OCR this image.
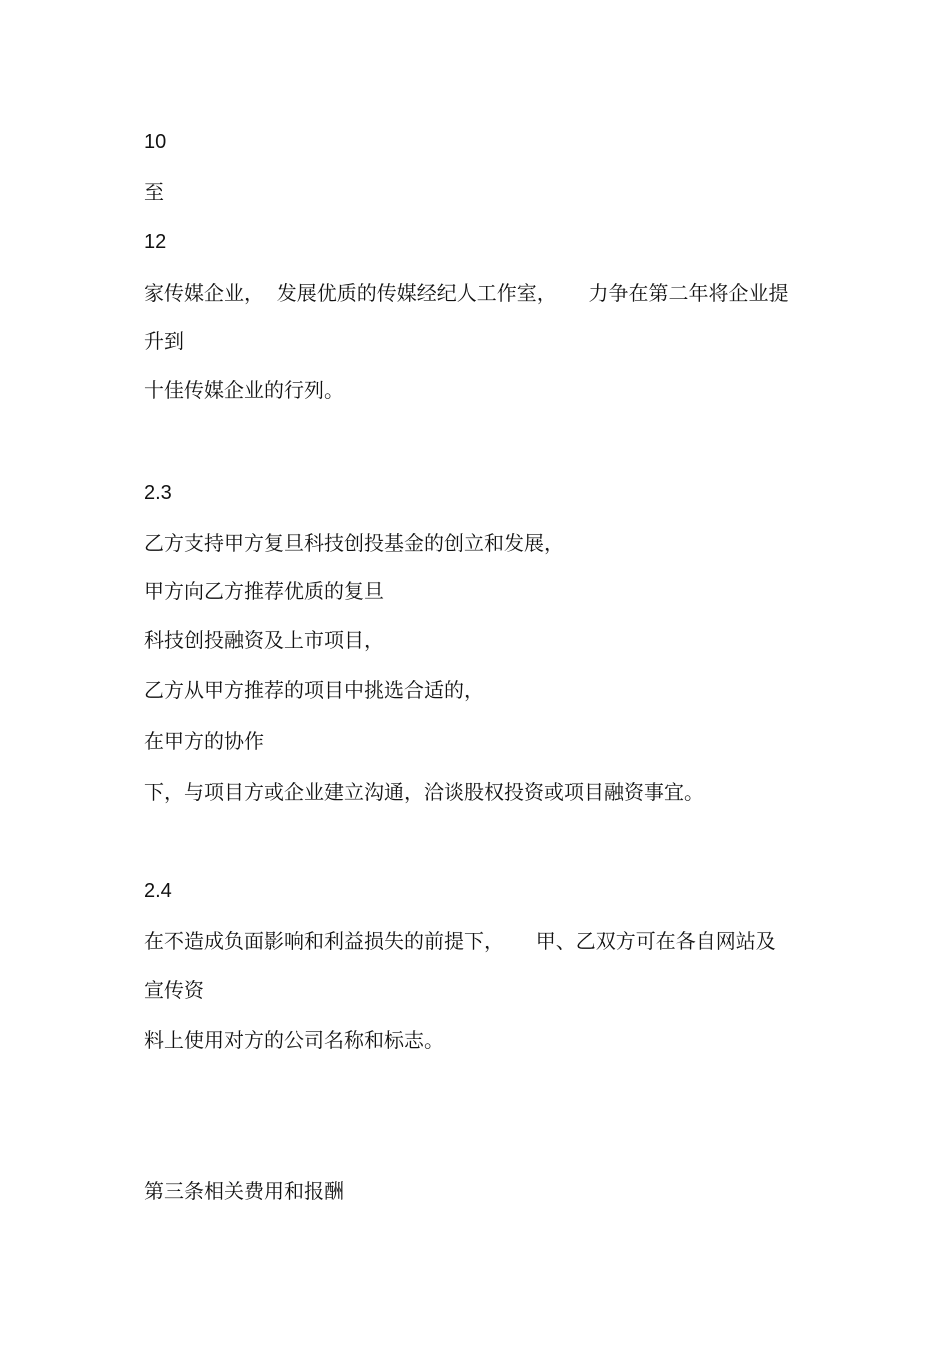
10
至
12
家传媒企业，  发展优质的传媒经纪人工作室，     力争在第二年将企业提
升到
十佳传媒企业的行列。
2.3
乙方支持甲方复旦科技创投基金的创立和发展，
甲方向乙方推荐优质的复旦
科技创投融资及上市项目，
乙方从甲方推荐的项目中挑选合适的，
在甲方的协作
下，与项目方或企业建立沟通，洽谈股权投资或项目融资事宜。
2.4
在不造成负面影响和利益损失的前提下，     甲、乙双方可在各自网站及
宣传资
料上使用对方的公司名称和标志。
第三条相关费用和报酬
